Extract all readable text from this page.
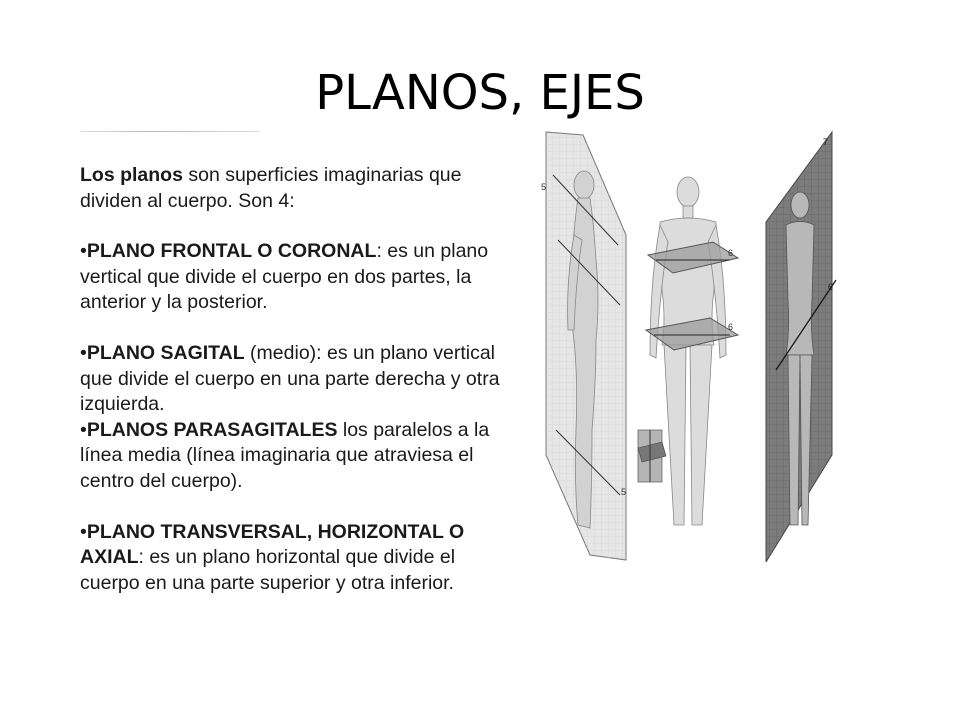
PLANOS, EJES

Los planos son superficies imaginarias que dividen al cuerpo. Son 4:

•PLANO FRONTAL O CORONAL: es un plano vertical que divide el cuerpo en dos partes, la anterior y la posterior.

•PLANO SAGITAL (medio): es un plano vertical que divide el cuerpo en una parte derecha y otra izquierda.

•PLANOS PARASAGITALES los paralelos a la línea media (línea imaginaria que atraviesa el centro del cuerpo).

•PLANO TRANSVERSAL, HORIZONTAL O AXIAL: es un plano horizontal que divide el cuerpo en una parte superior y otra inferior.

5
5
6
6
7
6
